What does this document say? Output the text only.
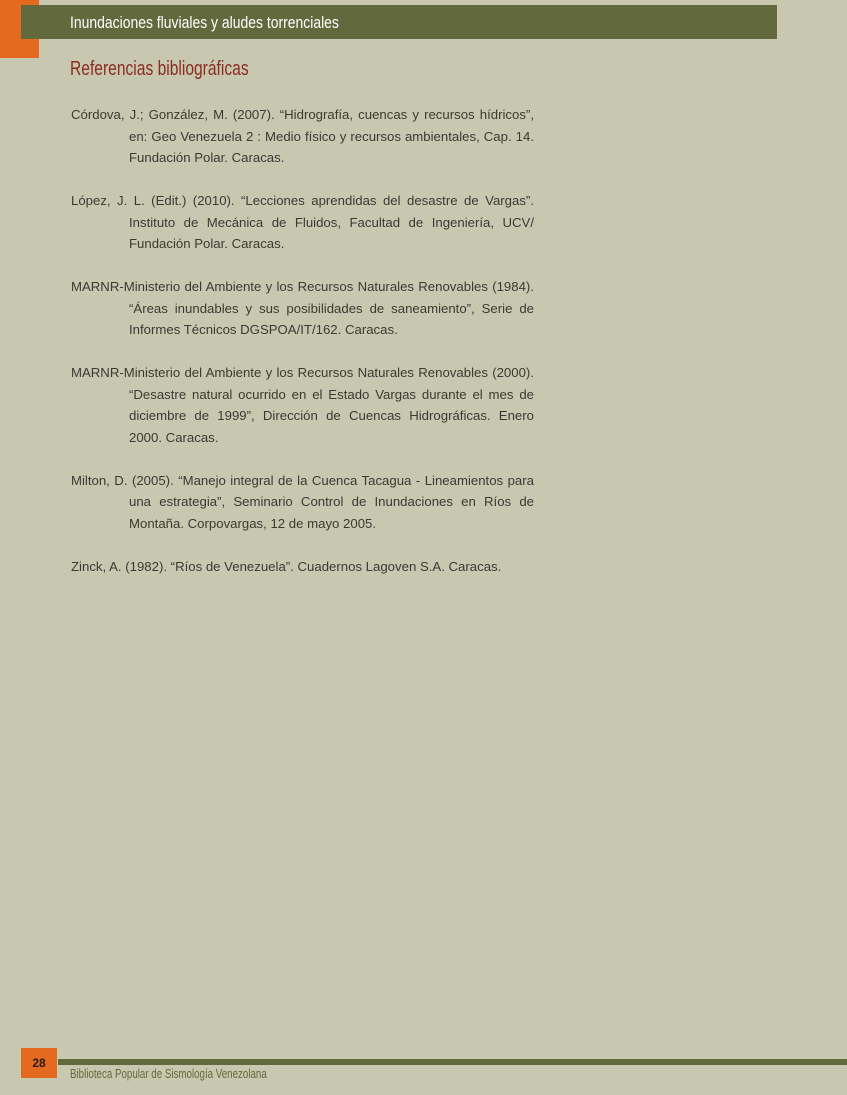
Inundaciones fluviales y aludes torrenciales
Referencias bibliográficas
Córdova, J.; González, M. (2007). “Hidrografía, cuencas y recursos hídricos”, en: Geo Venezuela 2 : Medio físico y recursos ambientales, Cap. 14. Fundación Polar. Caracas.
López, J. L. (Edit.) (2010). “Lecciones aprendidas del desastre de Vargas”. Instituto de Mecánica de Fluidos, Facultad de Ingeniería, UCV/ Fundación Polar. Caracas.
MARNR-Ministerio del Ambiente y los Recursos Naturales Renovables (1984). “Áreas inundables y sus posibilidades de saneamiento”, Serie de Informes Técnicos DGSPOA/IT/162. Caracas.
MARNR-Ministerio del Ambiente y los Recursos Naturales Renovables (2000). “Desastre natural ocurrido en el Estado Vargas durante el mes de diciembre de 1999”, Dirección de Cuencas Hidrográficas. Enero 2000. Caracas.
Milton, D. (2005). “Manejo integral de la Cuenca Tacagua - Lineamientos para una estrategia”, Seminario Control de Inundaciones en Ríos de Montaña. Corpovargas, 12 de mayo 2005.
Zinck, A. (1982). “Ríos de Venezuela”. Cuadernos Lagoven S.A. Caracas.
28
Biblioteca Popular de Sismología Venezolana
